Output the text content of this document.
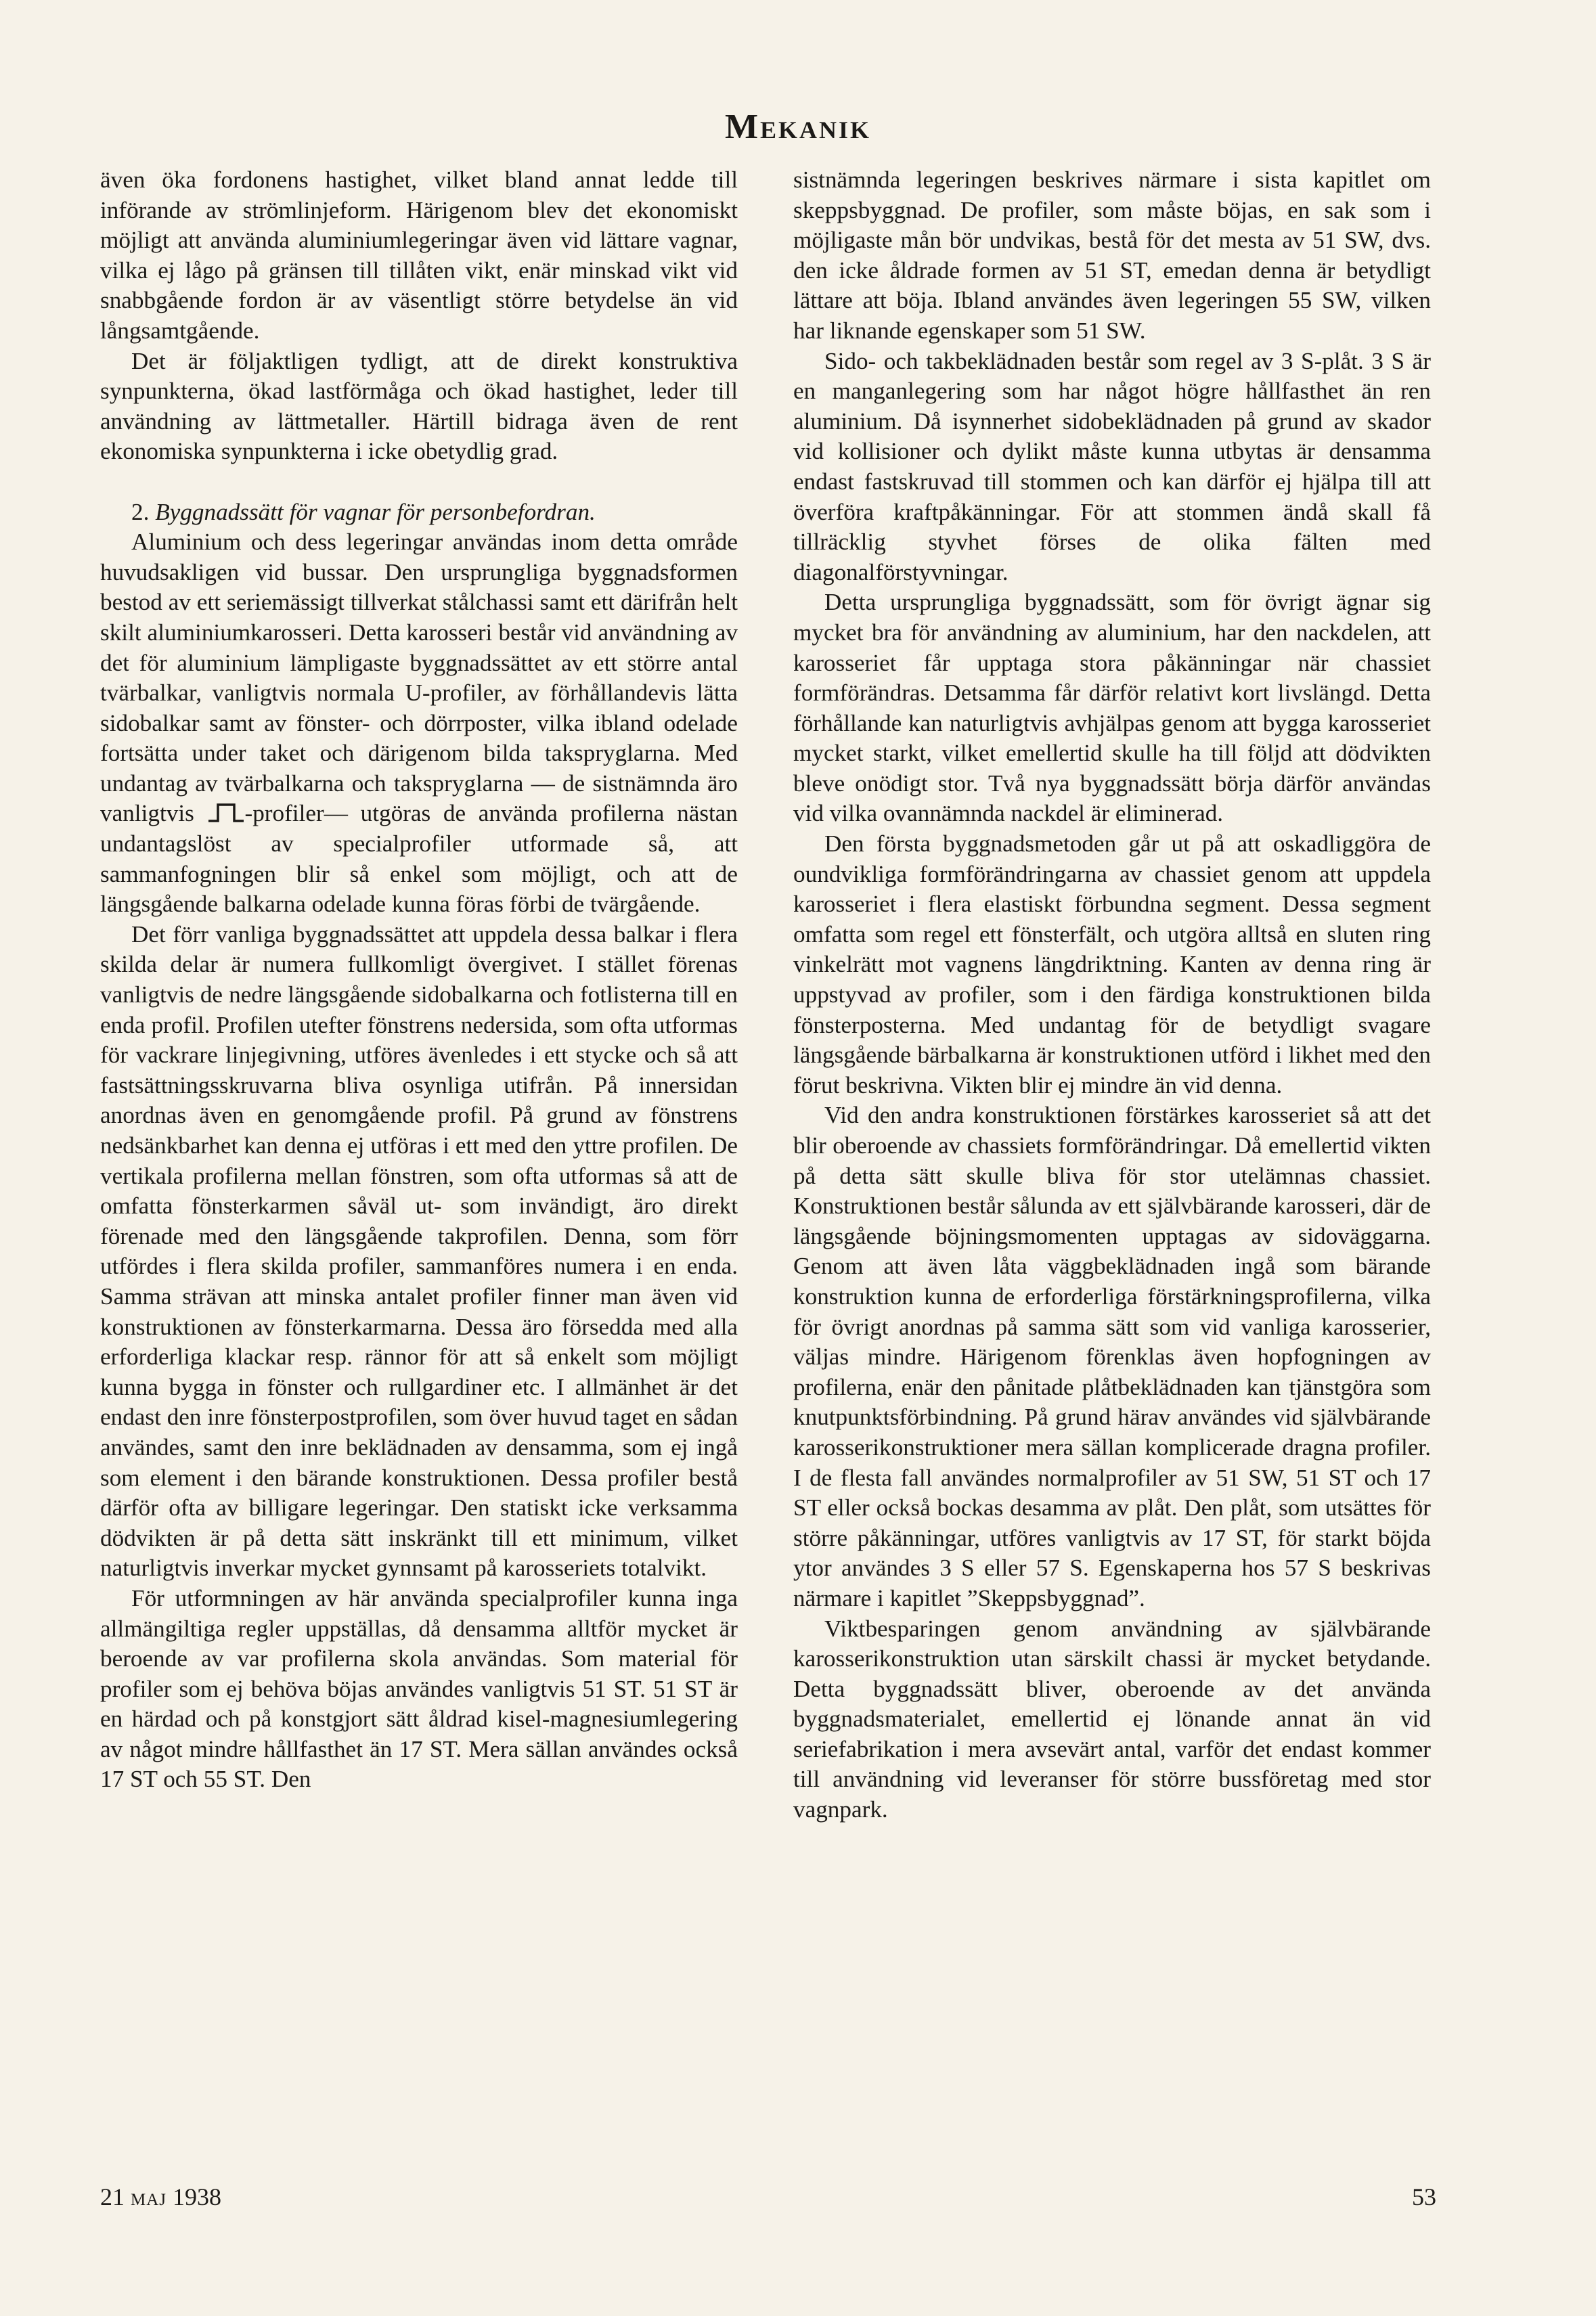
Mekanik

även öka fordonens hastighet, vilket bland annat ledde till införande av strömlinjeform. Härigenom blev det ekonomiskt möjligt att använda aluminiumlegeringar även vid lättare vagnar, vilka ej lågo på gränsen till tillåten vikt, enär minskad vikt vid snabbgående fordon är av väsentligt större betydelse än vid långsamtgående.

Det är följaktligen tydligt, att de direkt konstruktiva synpunkterna, ökad lastförmåga och ökad hastighet, leder till användning av lättmetaller. Härtill bidraga även de rent ekonomiska synpunkterna i icke obetydlig grad.

2. Byggnadssätt för vagnar för personbefordran.

Aluminium och dess legeringar användas inom detta område huvudsakligen vid bussar. Den ursprungliga byggnadsformen bestod av ett seriemässigt tillverkat stålchassi samt ett därifrån helt skilt aluminiumkarosseri. Detta karosseri består vid användning av det för aluminium lämpligaste byggnadssättet av ett större antal tvärbalkar, vanligtvis normala U-profiler, av förhållandevis lätta sidobalkar samt av fönster- och dörrposter, vilka ibland odelade fortsätta under taket och därigenom bilda takspryglarna. Med undantag av tvärbalkarna och takspryglarna — de sistnämnda äro vanligtvis -profiler— utgöras de använda profilerna nästan undantagslöst av specialprofiler utformade så, att sammanfogningen blir så enkel som möjligt, och att de längsgående balkarna odelade kunna föras förbi de tvärgående.

Det förr vanliga byggnadssättet att uppdela dessa balkar i flera skilda delar är numera fullkomligt övergivet. I stället förenas vanligtvis de nedre längsgående sidobalkarna och fotlisterna till en enda profil. Profilen utefter fönstrens nedersida, som ofta utformas för vackrare linjegivning, utföres ävenledes i ett stycke och så att fastsättningsskruvarna bliva osynliga utifrån. På innersidan anordnas även en genomgående profil. På grund av fönstrens nedsänkbarhet kan denna ej utföras i ett med den yttre profilen. De vertikala profilerna mellan fönstren, som ofta utformas så att de omfatta fönsterkarmen såväl ut- som invändigt, äro direkt förenade med den längsgående takprofilen. Denna, som förr utfördes i flera skilda profiler, sammanföres numera i en enda. Samma strävan att minska antalet profiler finner man även vid konstruktionen av fönsterkarmarna. Dessa äro försedda med alla erforderliga klackar resp. rännor för att så enkelt som möjligt kunna bygga in fönster och rullgardiner etc. I allmänhet är det endast den inre fönsterpostprofilen, som över huvud taget en sådan användes, samt den inre beklädnaden av densamma, som ej ingå som element i den bärande konstruktionen. Dessa profiler bestå därför ofta av billigare legeringar. Den statiskt icke verksamma dödvikten är på detta sätt inskränkt till ett minimum, vilket naturligtvis inverkar mycket gynnsamt på karosseriets totalvikt.

För utformningen av här använda specialprofiler kunna inga allmängiltiga regler uppställas, då densamma alltför mycket är beroende av var profilerna skola användas. Som material för profiler som ej behöva böjas användes vanligtvis 51 ST. 51 ST är en härdad och på konstgjort sätt åldrad kisel-magnesiumlegering av något mindre hållfasthet än 17 ST. Mera sällan användes också 17 ST och 55 ST. Den

sistnämnda legeringen beskrives närmare i sista kapitlet om skeppsbyggnad. De profiler, som måste böjas, en sak som i möjligaste mån bör undvikas, bestå för det mesta av 51 SW, dvs. den icke åldrade formen av 51 ST, emedan denna är betydligt lättare att böja. Ibland användes även legeringen 55 SW, vilken har liknande egenskaper som 51 SW.

Sido- och takbeklädnaden består som regel av 3 S-plåt. 3 S är en manganlegering som har något högre hållfasthet än ren aluminium. Då isynnerhet sidobeklädnaden på grund av skador vid kollisioner och dylikt måste kunna utbytas är densamma endast fastskruvad till stommen och kan därför ej hjälpa till att överföra kraftpåkänningar. För att stommen ändå skall få tillräcklig styvhet förses de olika fälten med diagonalförstyvningar.

Detta ursprungliga byggnadssätt, som för övrigt ägnar sig mycket bra för användning av aluminium, har den nackdelen, att karosseriet får upptaga stora påkänningar när chassiet formförändras. Detsamma får därför relativt kort livslängd. Detta förhållande kan naturligtvis avhjälpas genom att bygga karosseriet mycket starkt, vilket emellertid skulle ha till följd att dödvikten bleve onödigt stor. Två nya byggnadssätt börja därför användas vid vilka ovannämnda nackdel är eliminerad.

Den första byggnadsmetoden går ut på att oskadliggöra de oundvikliga formförändringarna av chassiet genom att uppdela karosseriet i flera elastiskt förbundna segment. Dessa segment omfatta som regel ett fönsterfält, och utgöra alltså en sluten ring vinkelrätt mot vagnens längdriktning. Kanten av denna ring är uppstyvad av profiler, som i den färdiga konstruktionen bilda fönsterposterna. Med undantag för de betydligt svagare längsgående bärbalkarna är konstruktionen utförd i likhet med den förut beskrivna. Vikten blir ej mindre än vid denna.

Vid den andra konstruktionen förstärkes karosseriet så att det blir oberoende av chassiets formförändringar. Då emellertid vikten på detta sätt skulle bliva för stor utelämnas chassiet. Konstruktionen består sålunda av ett självbärande karosseri, där de längsgående böjningsmomenten upptagas av sidoväggarna. Genom att även låta väggbeklädnaden ingå som bärande konstruktion kunna de erforderliga förstärkningsprofilerna, vilka för övrigt anordnas på samma sätt som vid vanliga karosserier, väljas mindre. Härigenom förenklas även hopfogningen av profilerna, enär den pånitade plåtbeklädnaden kan tjänstgöra som knutpunktsförbindning. På grund härav användes vid självbärande karosserikonstruktioner mera sällan komplicerade dragna profiler. I de flesta fall användes normalprofiler av 51 SW, 51 ST och 17 ST eller också bockas desamma av plåt. Den plåt, som utsättes för större påkänningar, utföres vanligtvis av 17 ST, för starkt böjda ytor användes 3 S eller 57 S. Egenskaperna hos 57 S beskrivas närmare i kapitlet ”Skeppsbyggnad”.

Viktbesparingen genom användning av självbärande karosserikonstruktion utan särskilt chassi är mycket betydande. Detta byggnadssätt bliver, oberoende av det använda byggnadsmaterialet, emellertid ej lönande annat än vid seriefabrikation i mera avsevärt antal, varför det endast kommer till användning vid leveranser för större bussföretag med stor vagnpark.

21 maj 1938	53
